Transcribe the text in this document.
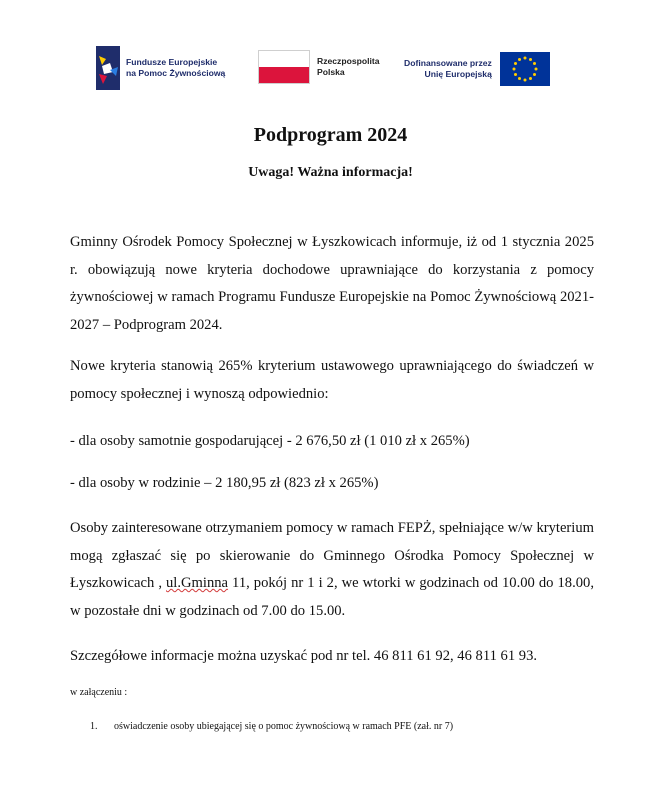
Fundusze Europejskie
na Pomoc Żywnościową
Rzeczpospolita
Polska
Dofinansowane przez
Unię Europejską
Podprogram 2024
Uwaga! Ważna informacja!

Gminny Ośrodek Pomocy Społecznej w Łyszkowicach informuje, iż od 1 stycznia 2025 r. obowiązują nowe kryteria dochodowe uprawniające do korzystania z pomocy żywnościowej w ramach Programu Fundusze Europejskie na Pomoc Żywnościową 2021-2027 – Podprogram 2024.

Nowe kryteria stanowią 265% kryterium ustawowego uprawniającego do świadczeń w pomocy społecznej i wynoszą odpowiednio:

- dla osoby samotnie gospodarującej - 2 676,50 zł (1 010 zł x 265%)

- dla osoby w rodzinie – 2 180,95 zł (823 zł x 265%)

Osoby zainteresowane otrzymaniem pomocy w ramach FEPŻ, spełniające w/w kryterium mogą zgłaszać się po skierowanie do Gminnego Ośrodka Pomocy Społecznej w Łyszkowicach , ul.Gminna 11, pokój nr 1 i 2, we wtorki w godzinach od 10.00 do 18.00, w pozostałe dni w godzinach od 7.00 do 15.00.

Szczegółowe informacje można uzyskać pod nr tel. 46 811 61 92, 46 811 61 93.

w załączeniu :

1.	oświadczenie osoby ubiegającej się o pomoc żywnościową w ramach PFE (zał. nr 7)
